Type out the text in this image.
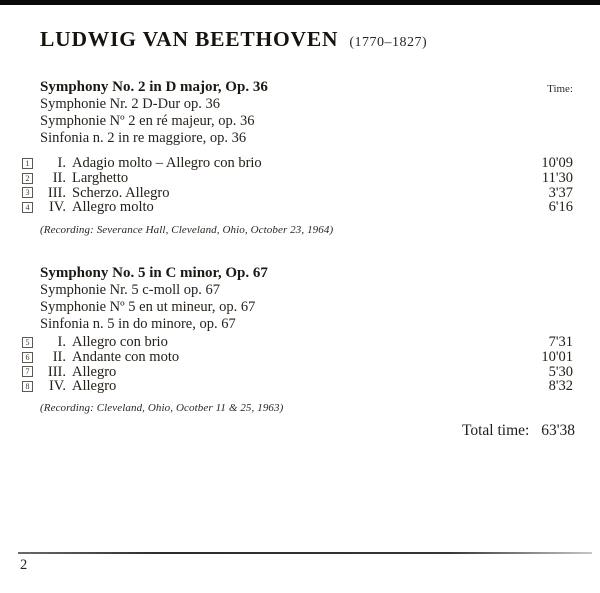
LUDWIG VAN BEETHOVEN (1770–1827)
Symphony No. 2 in D major, Op. 36
Symphonie Nr. 2 D-Dur op. 36
Symphonie Nº 2 en ré majeur, op. 36
Sinfonia n. 2 in re maggiore, op. 36
Time:
1	I. Adagio molto – Allegro con brio	10'09
2	II. Larghetto	11'30
3	III. Scherzo. Allegro	3'37
4	IV. Allegro molto	6'16
(Recording: Severance Hall, Cleveland, Ohio, October 23, 1964)
Symphony No. 5 in C minor, Op. 67
Symphonie Nr. 5 c-moll op. 67
Symphonie Nº 5 en ut mineur, op. 67
Sinfonia n. 5 in do minore, op. 67
5	I. Allegro con brio	7'31
6	II. Andante con moto	10'01
7	III. Allegro	5'30
8	IV. Allegro	8'32
(Recording: Cleveland, Ohio, Ocotber 11 & 25, 1963)
Total time: 63'38
2
